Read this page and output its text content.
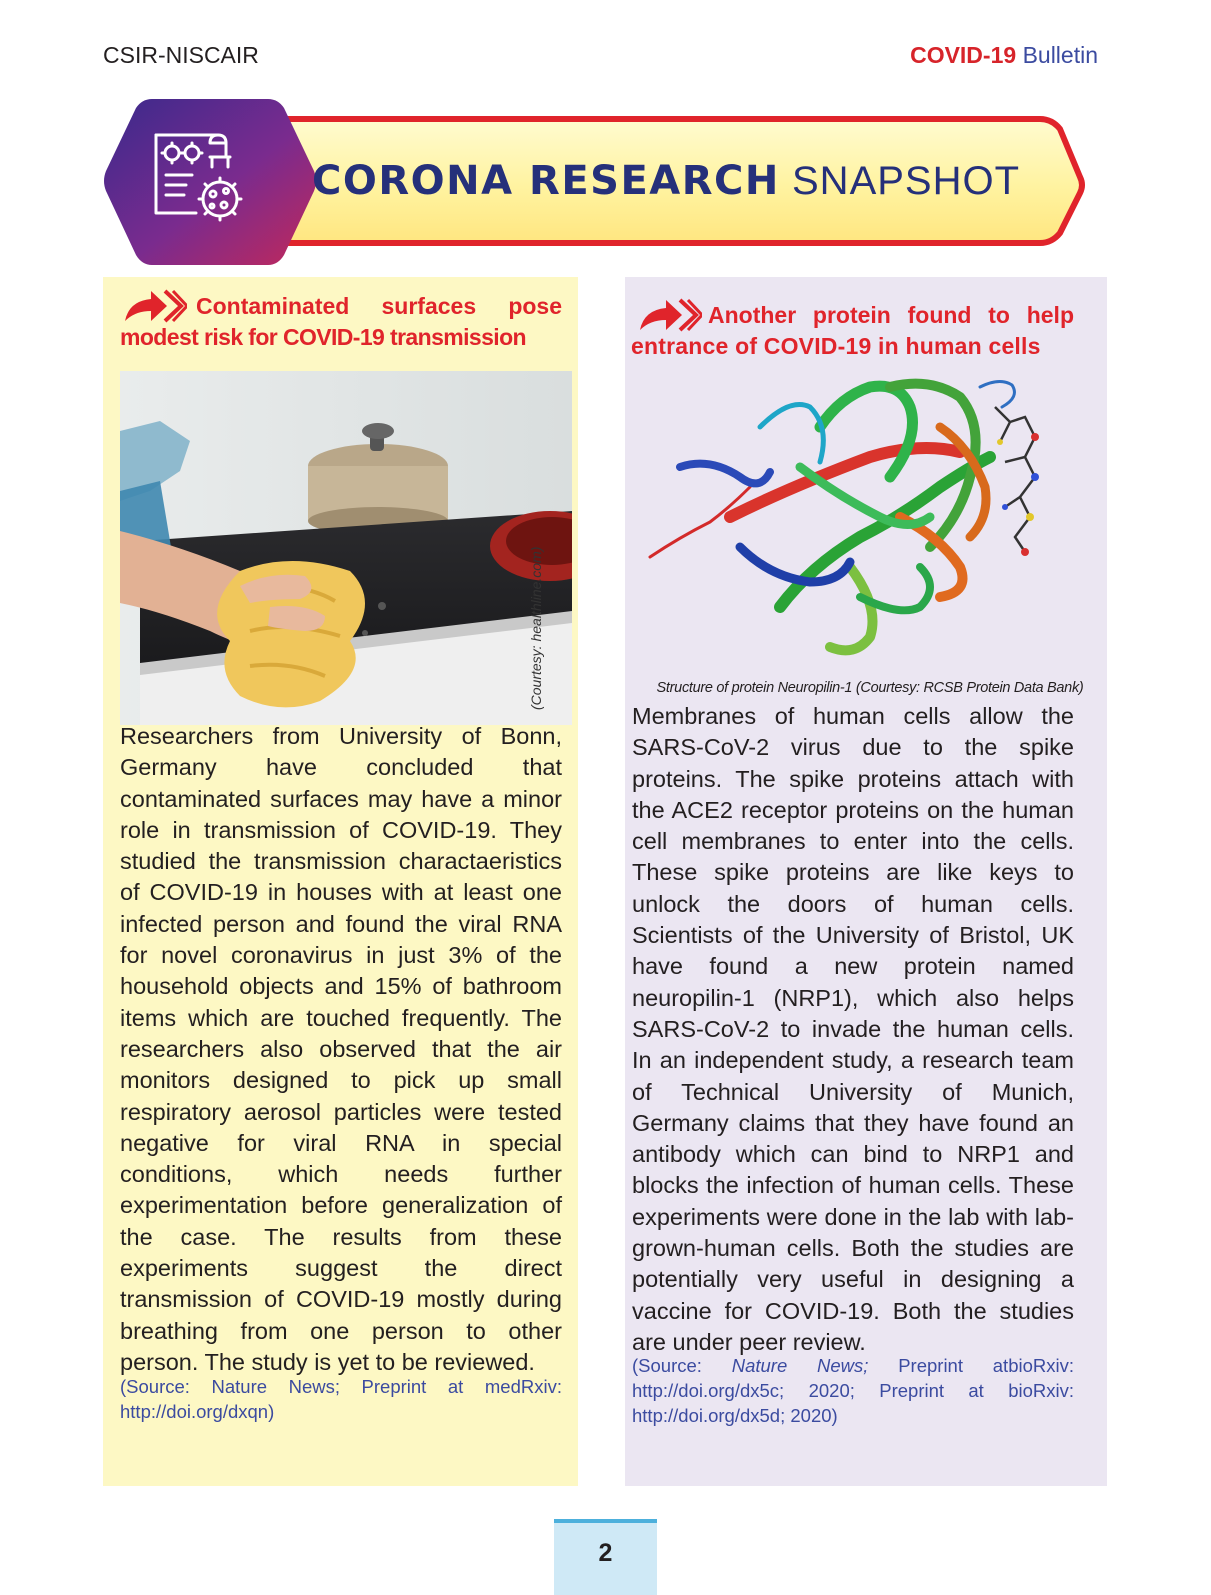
CSIR-NISCAIR	COVID-19 Bulletin
CORONA RESEARCH SNAPSHOT
Contaminated surfaces pose
modest risk for COVID-19 transmission
(Courtesy: healthline.com)
Researchers from University of Bonn, Germany have concluded that contaminated surfaces may have a minor role in transmission of COVID-19. They studied the transmission charactaeristics of COVID-19 in houses with at least one infected person and found the viral RNA for novel coronavirus in just 3% of the household objects and 15% of bathroom items which are touched frequently. The researchers also observed that the air monitors designed to pick up small respiratory aerosol particles were tested negative for viral RNA in special conditions, which needs further experimentation before generalization of the case. The results from these experiments suggest the direct transmission of COVID-19 mostly during breathing from one person to other person. The study is yet to be reviewed.
(Source: Nature News; Preprint at medRxiv: http://doi.org/dxqn)
Another protein found to help
entrance of COVID-19 in human cells
Structure of protein Neuropilin-1 (Courtesy: RCSB Protein Data Bank)
Membranes of human cells allow the SARS-CoV-2 virus due to the spike proteins. The spike proteins attach with the ACE2 receptor proteins on the human cell membranes to enter into the cells. These spike proteins are like keys to unlock the doors of human cells. Scientists of the University of Bristol, UK have found a new protein named neuropilin-1 (NRP1), which also helps SARS-CoV-2 to invade the human cells. In an independent study, a research team of Technical University of Munich, Germany claims that they have found an antibody which can bind to NRP1 and blocks the infection of human cells. These experiments were done in the lab with lab-grown-human cells. Both the studies are potentially very useful in designing a vaccine for COVID-19. Both the studies are under peer review.
(Source: Nature News; Preprint atbioRxiv: http://doi.org/dx5c; 2020; Preprint at bioRxiv: http://doi.org/dx5d; 2020)
2
